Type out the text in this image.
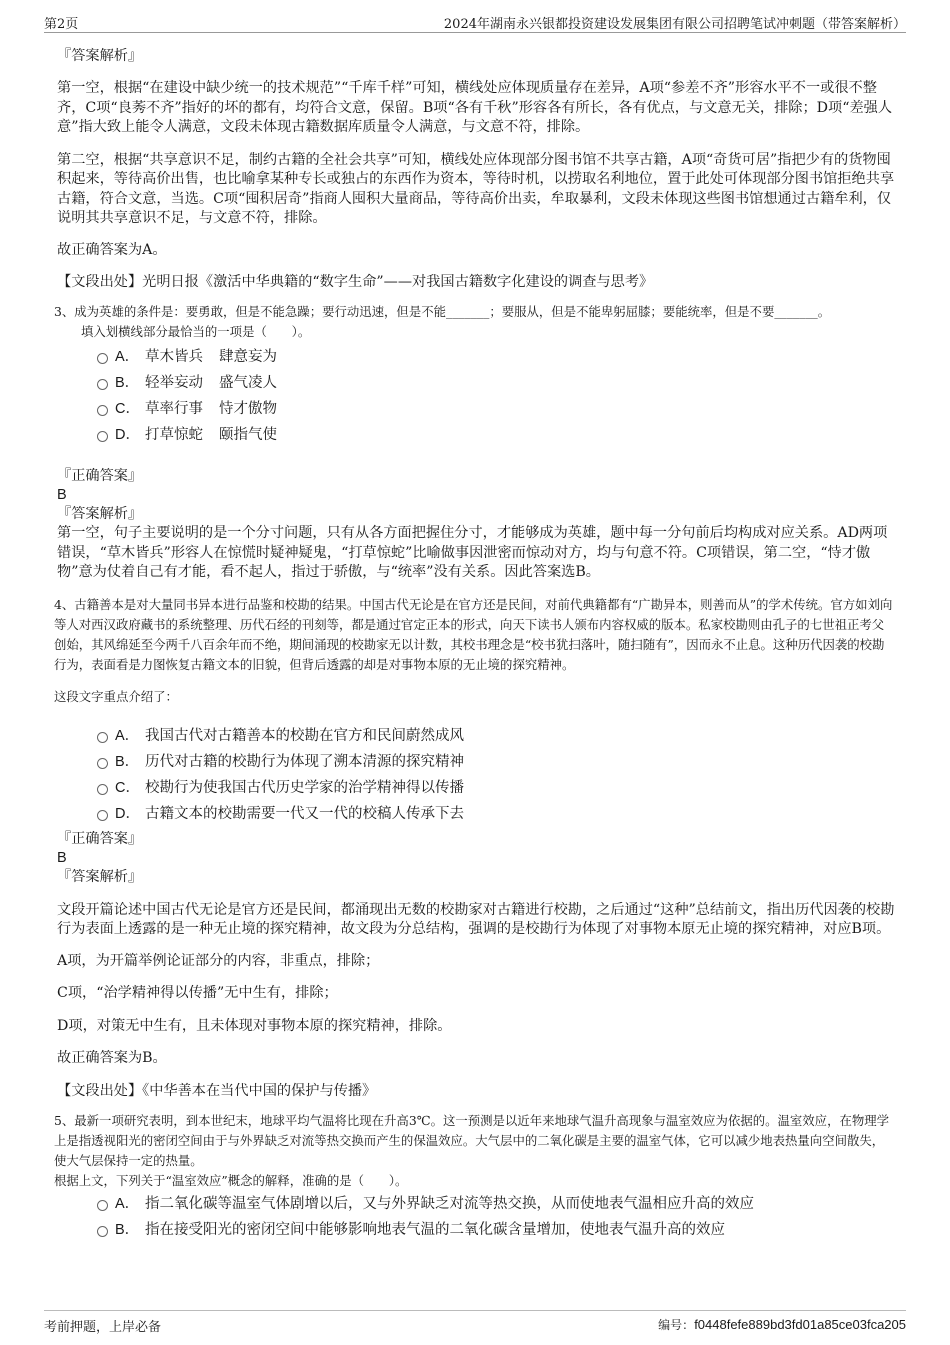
第2页	2024年湖南永兴银都投资建设发展集团有限公司招聘笔试冲刺题（带答案解析）

『答案解析』

第一空，根据“在建设中缺少统一的技术规范”“千库千样”可知，横线处应体现质量存在差异，A项“参差不齐”形容水平不一或很不整齐，C项“良莠不齐”指好的坏的都有，均符合文意，保留。B项“各有千秋”形容各有所长，各有优点，与文意无关，排除；D项“差强人意”指大致上能令人满意，文段未体现古籍数据库质量令人满意，与文意不符，排除。

第二空，根据“共享意识不足，制约古籍的全社会共享”可知，横线处应体现部分图书馆不共享古籍，A项“奇货可居”指把少有的货物囤积起来，等待高价出售，也比喻拿某种专长或独占的东西作为资本，等待时机，以捞取名利地位，置于此处可体现部分图书馆拒绝共享古籍，符合文意，当选。C项“囤积居奇”指商人囤积大量商品，等待高价出卖，牟取暴利，文段未体现这些图书馆想通过古籍牟利，仅说明其共享意识不足，与文意不符，排除。

故正确答案为A。

【文段出处】光明日报《激活中华典籍的“数字生命”——对我国古籍数字化建设的调查与思考》

3、成为英雄的条件是：要勇敢，但是不能急躁；要行动迅速，但是不能_______；要服从，但是不能卑躬屈膝；要能统率，但是不要_______。
填入划横线部分最恰当的一项是（　　）。
A． 草木皆兵 肆意妄为
B． 轻举妄动 盛气凌人
C． 草率行事 恃才傲物
D． 打草惊蛇 颐指气使

『正确答案』

B

『答案解析』

第一空，句子主要说明的是一个分寸问题，只有从各方面把握住分寸，才能够成为英雄，题中每一分句前后均构成对应关系。AD两项错误，“草木皆兵”形容人在惊慌时疑神疑鬼，“打草惊蛇”比喻做事因泄密而惊动对方，均与句意不符。C项错误，第二空，“恃才傲物”意为仗着自己有才能，看不起人，指过于骄傲，与“统率”没有关系。因此答案选B。

4、古籍善本是对大量同书异本进行品鉴和校勘的结果。中国古代无论是在官方还是民间，对前代典籍都有“广勘异本，则善而从”的学术传统。官方如刘向等人对西汉政府藏书的系统整理、历代石经的刊刻等，都是通过官定正本的形式，向天下读书人颁布内容权威的版本。私家校勘则由孔子的七世祖正考父创始，其风绵延至今两千八百余年而不绝，期间涌现的校勘家无以计数，其校书理念是“校书犹扫落叶，随扫随有”，因而永不止息。这种历代因袭的校勘行为，表面看是力图恢复古籍文本的旧貌，但背后透露的却是对事物本原的无止境的探究精神。

这段文字重点介绍了：

A． 我国古代对古籍善本的校勘在官方和民间蔚然成风
B． 历代对古籍的校勘行为体现了溯本清源的探究精神
C． 校勘行为使我国古代历史学家的治学精神得以传播
D． 古籍文本的校勘需要一代又一代的校稿人传承下去

『正确答案』

B

『答案解析』

文段开篇论述中国古代无论是官方还是民间，都涌现出无数的校勘家对古籍进行校勘，之后通过“这种”总结前文，指出历代因袭的校勘行为表面上透露的是一种无止境的探究精神，故文段为分总结构，强调的是校勘行为体现了对事物本原无止境的探究精神，对应B项。

A项，为开篇举例论证部分的内容，非重点，排除；

C项，“治学精神得以传播”无中生有，排除；

D项，对策无中生有，且未体现对事物本原的探究精神，排除。

故正确答案为B。

【文段出处】《中华善本在当代中国的保护与传播》

5、最新一项研究表明，到本世纪末，地球平均气温将比现在升高3℃。这一预测是以近年来地球气温升高现象与温室效应为依据的。温室效应，在物理学上是指透视阳光的密闭空间由于与外界缺乏对流等热交换而产生的保温效应。大气层中的二氧化碳是主要的温室气体，它可以减少地表热量向空间散失，使大气层保持一定的热量。

根据上文，下列关于“温室效应”概念的解释，准确的是（　　）。

A． 指二氧化碳等温室气体剧增以后，又与外界缺乏对流等热交换，从而使地表气温相应升高的效应
B． 指在接受阳光的密闭空间中能够影响地表气温的二氧化碳含量增加，使地表气温升高的效应
考前押题，上岸必备	编号：f0448fefe889bd3fd01a85ce03fca205
